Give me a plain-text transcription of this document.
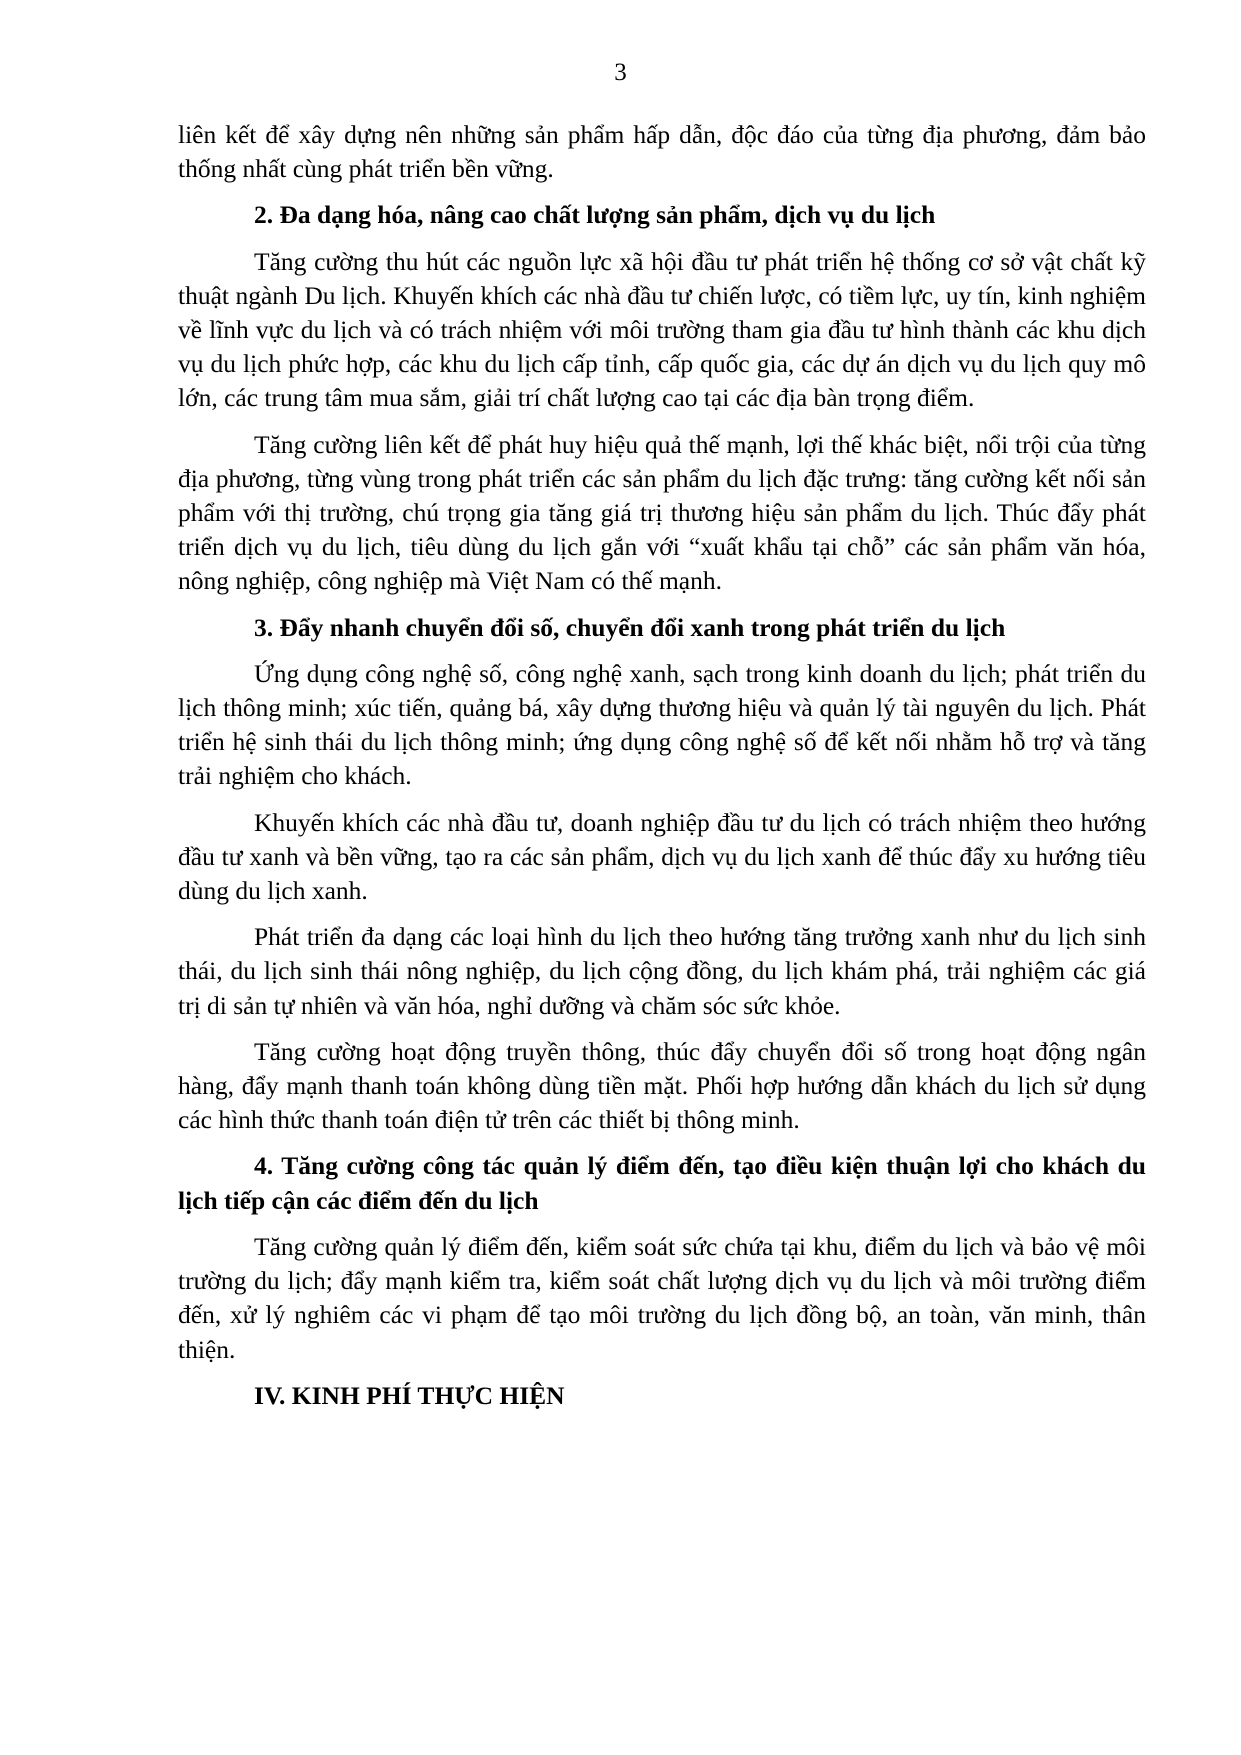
3

liên kết để xây dựng nên những sản phẩm hấp dẫn, độc đáo của từng địa phương, đảm bảo thống nhất cùng phát triển bền vững.

2. Đa dạng hóa, nâng cao chất lượng sản phẩm, dịch vụ du lịch

Tăng cường thu hút các nguồn lực xã hội đầu tư phát triển hệ thống cơ sở vật chất kỹ thuật ngành Du lịch. Khuyến khích các nhà đầu tư chiến lược, có tiềm lực, uy tín, kinh nghiệm về lĩnh vực du lịch và có trách nhiệm với môi trường tham gia đầu tư hình thành các khu dịch vụ du lịch phức hợp, các khu du lịch cấp tỉnh, cấp quốc gia, các dự án dịch vụ du lịch quy mô lớn, các trung tâm mua sắm, giải trí chất lượng cao tại các địa bàn trọng điểm.

Tăng cường liên kết để phát huy hiệu quả thế mạnh, lợi thế khác biệt, nổi trội của từng địa phương, từng vùng trong phát triển các sản phẩm du lịch đặc trưng: tăng cường kết nối sản phẩm với thị trường, chú trọng gia tăng giá trị thương hiệu sản phẩm du lịch. Thúc đẩy phát triển dịch vụ du lịch, tiêu dùng du lịch gắn với “xuất khẩu tại chỗ” các sản phẩm văn hóa, nông nghiệp, công nghiệp mà Việt Nam có thế mạnh.

3. Đẩy nhanh chuyển đổi số, chuyển đổi xanh trong phát triển du lịch

Ứng dụng công nghệ số, công nghệ xanh, sạch trong kinh doanh du lịch; phát triển du lịch thông minh; xúc tiến, quảng bá, xây dựng thương hiệu và quản lý tài nguyên du lịch. Phát triển hệ sinh thái du lịch thông minh; ứng dụng công nghệ số để kết nối nhằm hỗ trợ và tăng trải nghiệm cho khách.

Khuyến khích các nhà đầu tư, doanh nghiệp đầu tư du lịch có trách nhiệm theo hướng đầu tư xanh và bền vững, tạo ra các sản phẩm, dịch vụ du lịch xanh để thúc đẩy xu hướng tiêu dùng du lịch xanh.

Phát triển đa dạng các loại hình du lịch theo hướng tăng trưởng xanh như du lịch sinh thái, du lịch sinh thái nông nghiệp, du lịch cộng đồng, du lịch khám phá, trải nghiệm các giá trị di sản tự nhiên và văn hóa, nghỉ dưỡng và chăm sóc sức khỏe.

Tăng cường hoạt động truyền thông, thúc đẩy chuyển đổi số trong hoạt động ngân hàng, đẩy mạnh thanh toán không dùng tiền mặt. Phối hợp hướng dẫn khách du lịch sử dụng các hình thức thanh toán điện tử trên các thiết bị thông minh.

4. Tăng cường công tác quản lý điểm đến, tạo điều kiện thuận lợi cho khách du lịch tiếp cận các điểm đến du lịch

Tăng cường quản lý điểm đến, kiểm soát sức chứa tại khu, điểm du lịch và bảo vệ môi trường du lịch; đẩy mạnh kiểm tra, kiểm soát chất lượng dịch vụ du lịch và môi trường điểm đến, xử lý nghiêm các vi phạm để tạo môi trường du lịch đồng bộ, an toàn, văn minh, thân thiện.

IV. KINH PHÍ THỰC HIỆN
